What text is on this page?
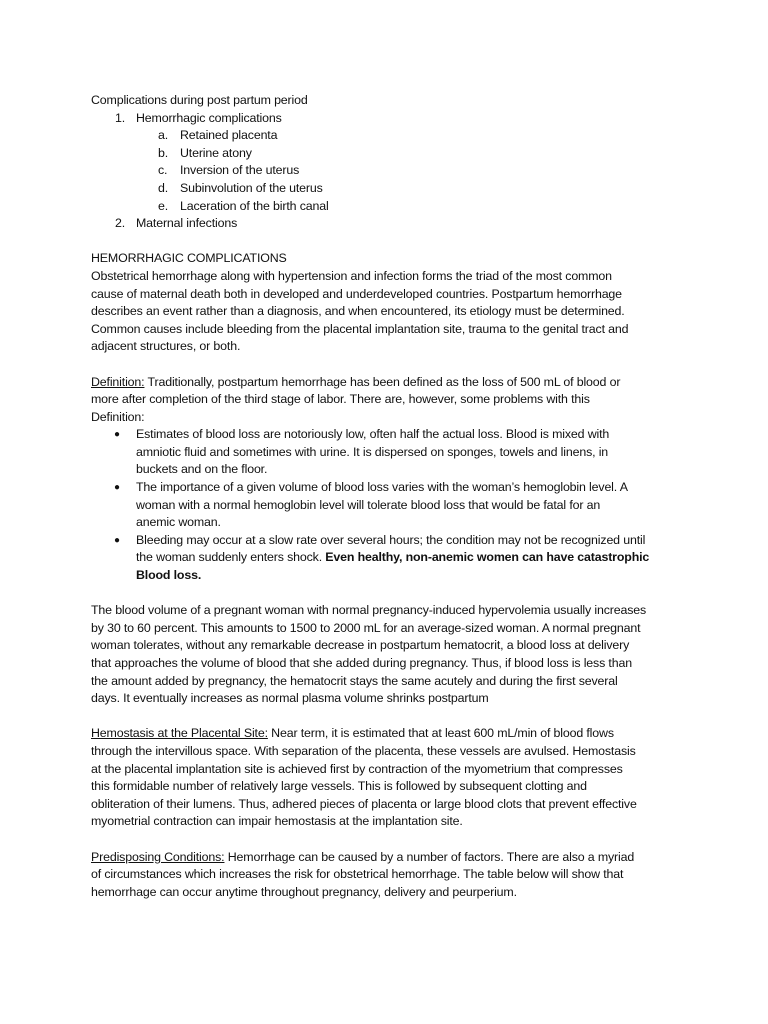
Complications during post partum period
1. Hemorrhagic complications
a. Retained placenta
b. Uterine atony
c. Inversion of the uterus
d. Subinvolution of the uterus
e. Laceration of the birth canal
2. Maternal infections
HEMORRHAGIC COMPLICATIONS
Obstetrical hemorrhage along with hypertension and infection forms the triad of the most common
cause of maternal death both in developed and underdeveloped countries. Postpartum hemorrhage
describes an event rather than a diagnosis, and when encountered, its etiology must be determined.
Common causes include bleeding from the placental implantation site, trauma to the genital tract and
adjacent structures, or both.
Definition: Traditionally, postpartum hemorrhage has been defined as the loss of 500 mL of blood or
more after completion of the third stage of labor. There are, however, some problems with this
Definition:
● Estimates of blood loss are notoriously low, often half the actual loss. Blood is mixed with
amniotic fluid and sometimes with urine. It is dispersed on sponges, towels and linens, in
buckets and on the floor.
● The importance of a given volume of blood loss varies with the woman’s hemoglobin level. A
woman with a normal hemoglobin level will tolerate blood loss that would be fatal for an
anemic woman.
● Bleeding may occur at a slow rate over several hours; the condition may not be recognized until
the woman suddenly enters shock. Even healthy, non-anemic women can have catastrophic
Blood loss.
The blood volume of a pregnant woman with normal pregnancy-induced hypervolemia usually increases
by 30 to 60 percent. This amounts to 1500 to 2000 mL for an average-sized woman. A normal pregnant
woman tolerates, without any remarkable decrease in postpartum hematocrit, a blood loss at delivery
that approaches the volume of blood that she added during pregnancy. Thus, if blood loss is less than
the amount added by pregnancy, the hematocrit stays the same acutely and during the first several
days. It eventually increases as normal plasma volume shrinks postpartum
Hemostasis at the Placental Site: Near term, it is estimated that at least 600 mL/min of blood flows
through the intervillous space. With separation of the placenta, these vessels are avulsed. Hemostasis
at the placental implantation site is achieved first by contraction of the myometrium that compresses
this formidable number of relatively large vessels. This is followed by subsequent clotting and
obliteration of their lumens. Thus, adhered pieces of placenta or large blood clots that prevent effective
myometrial contraction can impair hemostasis at the implantation site.
Predisposing Conditions: Hemorrhage can be caused by a number of factors. There are also a myriad
of circumstances which increases the risk for obstetrical hemorrhage. The table below will show that
hemorrhage can occur anytime throughout pregnancy, delivery and peurperium.
